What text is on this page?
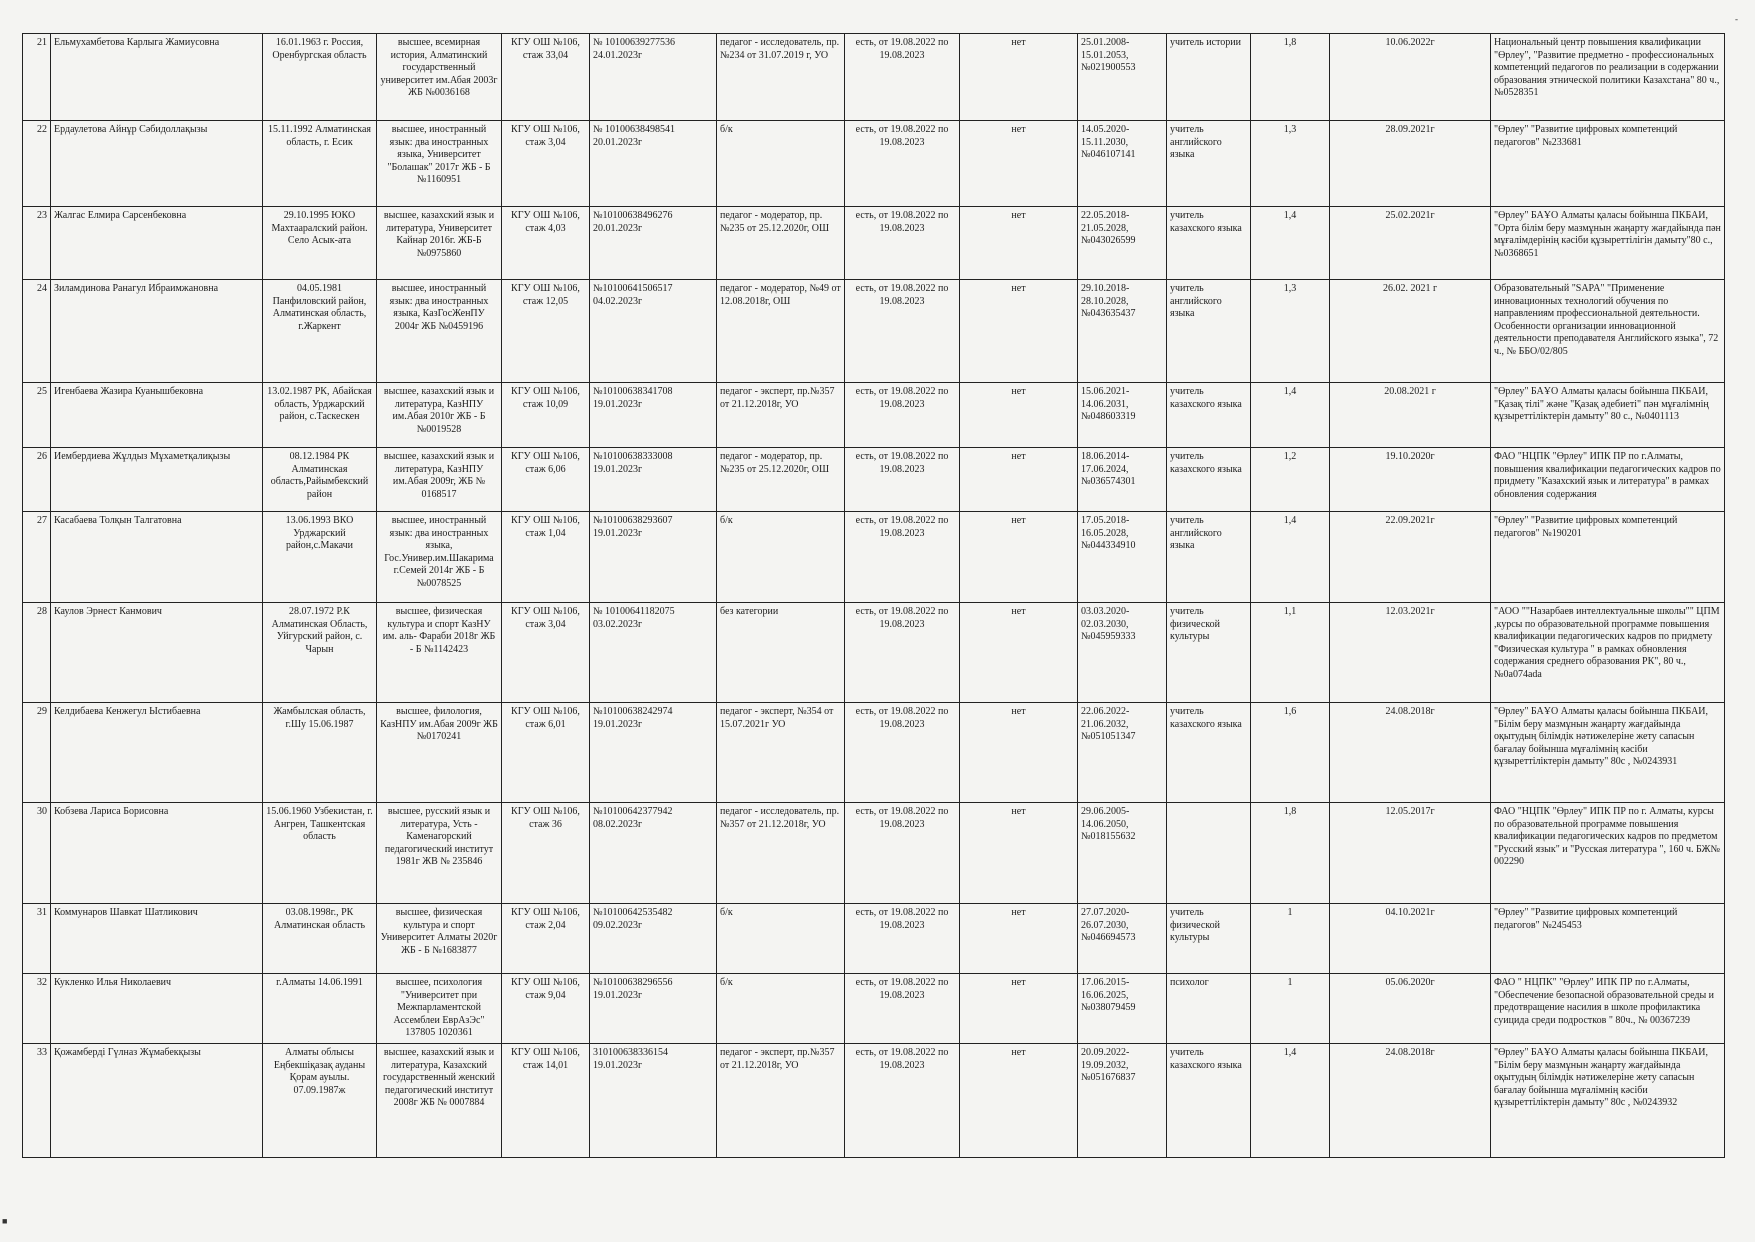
-
■
21	Ельмухамбетова Карлыга Жамиусовна	16.01.1963 г. Россия, Оренбургская область	высшее, всемирная история, Алматинский государственный университет им.Абая 2003г ЖБ №0036168	КГУ ОШ №106, стаж 33,04	№ 10100639277536 24.01.2023г	педагог - исследователь, пр.№234 от 31.07.2019 г, УО	есть, от 19.08.2022 по 19.08.2023	нет	25.01.2008-15.01.2053, №021900553	учитель истории	1,8	10.06.2022г	Национальный центр повышения квалификации "Өрлеу", "Развитие предметно - профессиональных компетенций педагогов по реализации в содержании образования этнической политики Казахстана" 80 ч., №0528351
22	Ердаулетова Айнұр Сәбидоллақызы	15.11.1992 Алматинская область, г. Есик	высшее, иностранный язык: два иностранных языка, Университет "Болашак" 2017г ЖБ - Б №1160951	КГУ ОШ №106, стаж 3,04	№ 10100638498541 20.01.2023г	б/к	есть, от 19.08.2022 по 19.08.2023	нет	14.05.2020-15.11.2030, №046107141	учитель английского языка	1,3	28.09.2021г	"Өрлеу" "Развитие цифровых компетенций педагогов" №233681
23	Жалгас Елмира Сарсенбековна	29.10.1995 ЮКО Махтааралский район. Село Асык-ата	высшее, казахский язык и литература, Университет Кайнар 2016г. ЖБ-Б №0975860	КГУ ОШ №106, стаж 4,03	№10100638496276 20.01.2023г	педагог - модератор, пр. №235 от 25.12.2020г, ОШ	есть, от 19.08.2022 по 19.08.2023	нет	22.05.2018-21.05.2028, №043026599	учитель казахского языка	1,4	25.02.2021г	"Өрлеу" БАҰО Алматы қаласы бойынша ПКБАИ, "Орта білім беру мазмұнын жаңарту жағдайында пән мұғалімдерінің кәсіби құзыреттілігін дамыту"80 с., №0368651
24	Зиламдинова Ранагул Ибраимжановна	04.05.1981 Панфиловский район, Алматинская область, г.Жаркент	высшее, иностранный язык: два иностранных языка, КазГосЖенПУ 2004г ЖБ №0459196	КГУ ОШ №106, стаж 12,05	№10100641506517 04.02.2023г	педагог - модератор, №49 от 12.08.2018г, ОШ	есть, от 19.08.2022 по 19.08.2023	нет	29.10.2018-28.10.2028, №043635437	учитель английского языка	1,3	26.02. 2021 г	Образовательный "SAPA" "Применение инновационных технологий обучения по направлениям профессиональной деятельности. Особенности организации инновационной деятельности преподавателя Английского языка", 72 ч., № ББО/02/805
25	Игенбаева Жазира Куанышбековна	13.02.1987 РК, Абайская область, Урджарский район, с.Таскескен	высшее, казахский язык и литература, КазНПУ им.Абая 2010г ЖБ - Б №0019528	КГУ ОШ №106, стаж 10,09	№10100638341708 19.01.2023г	педагог - эксперт, пр.№357 от 21.12.2018г, УО	есть, от 19.08.2022 по 19.08.2023	нет	15.06.2021-14.06.2031, №048603319	учитель казахского языка	1,4	20.08.2021 г	"Өрлеу" БАҰО Алматы қаласы бойынша ПКБАИ, "Қазақ тілі" және "Қазақ әдебиеті" пән мұғалімнің құзыреттіліктерін дамыту" 80 с., №0401113
26	Иембердиева Жұлдыз Мұхаметқалиқызы	08.12.1984 РК Алматинская область,Райымбекский район	высшее, казахский язык и литература, КазНПУ им.Абая 2009г, ЖБ № 0168517	КГУ ОШ №106, стаж 6,06	№10100638333008 19.01.2023г	педагог - модератор, пр. №235 от 25.12.2020г, ОШ	есть, от 19.08.2022 по 19.08.2023	нет	18.06.2014-17.06.2024, №036574301	учитель казахского языка	1,2	19.10.2020г	ФАО "НЦПК "Өрлеу" ИПК ПР по г.Алматы, повышения квалификации педагогических кадров по придмету "Казахский язык и литература" в рамках обновления содержания
27	Касабаева Толқын Талгатовна	13.06.1993 ВКО Урджарский район,с.Макачи	высшее, иностранный язык: два иностранных языка, Гос.Универ.им.Шакарима г.Семей 2014г ЖБ - Б №0078525	КГУ ОШ №106, стаж 1,04	№10100638293607 19.01.2023г	б/к	есть, от 19.08.2022 по 19.08.2023	нет	17.05.2018-16.05.2028, №044334910	учитель английского языка	1,4	22.09.2021г	"Өрлеу" "Развитие цифровых компетенций педагогов" №190201
28	Каулов Эрнест Канмович	28.07.1972 Р.К Алматинская Область, Уйгурский район, с. Чарын	высшее, физическая культура и спорт КазНУ им. аль- Фараби 2018г ЖБ - Б №1142423	КГУ ОШ №106, стаж 3,04	№ 10100641182075 03.02.2023г	без категории	есть, от 19.08.2022 по 19.08.2023	нет	03.03.2020-02.03.2030, №045959333	учитель физической культуры	1,1	12.03.2021г	"АОО ""Назарбаев интеллектуальные школы"" ЦПМ ,курсы по образовательной программе повышения квалификации педагогических кадров по придмету "Физическая культура " в рамках обновления содержания среднего образования РК", 80 ч., №0a074ada
29	Келдибаева Кенжегул Ыстибаевна	Жамбылская область, г.Шу 15.06.1987	высшее, филология, КазНПУ им.Абая 2009г ЖБ №0170241	КГУ ОШ №106, стаж 6,01	№10100638242974 19.01.2023г	педагог - эксперт, №354 от 15.07.2021г УО	есть, от 19.08.2022 по 19.08.2023	нет	22.06.2022-21.06.2032, №051051347	учитель казахского языка	1,6	24.08.2018г	"Өрлеу" БАҰО Алматы қаласы бойынша ПКБАИ, "Білім беру мазмұнын жаңарту жағдайында оқытудың білімдік нәтижелеріне жету сапасын бағалау бойынша мұғалімнің кәсіби құзыреттіліктерін дамыту" 80с , №0243931
30	Кобзева Лариса Борисовна	15.06.1960 Узбекистан, г. Ангрен, Ташкентская область	высшее, русский язык и литература, Усть - Каменагорский педагогический институт 1981г ЖВ № 235846	КГУ ОШ №106, стаж 36	№10100642377942 08.02.2023г	педагог - исследователь, пр.№357 от 21.12.2018г, УО	есть, от 19.08.2022 по 19.08.2023	нет	29.06.2005-14.06.2050, №018155632		1,8	12.05.2017г	ФАО "НЦПК "Өрлеу" ИПК ПР по г. Алматы, курсы по образовательной программе повышения квалификации педагогических кадров по предметом "Русский язык" и "Русская литература ", 160 ч. БЖ№ 002290
31	Коммунаров Шавкат Шатликович	03.08.1998г., РК Алматинская область	высшее, физическая культура и спорт Университет Алматы 2020г ЖБ - Б №1683877	КГУ ОШ №106, стаж 2,04	№10100642535482 09.02.2023г	б/к	есть, от 19.08.2022 по 19.08.2023	нет	27.07.2020-26.07.2030, №046694573	учитель физической культуры	1	04.10.2021г	"Өрлеу" "Развитие цифровых компетенций педагогов" №245453
32	Кукленко Илья Николаевич	г.Алматы 14.06.1991	высшее, психология "Университет при Межпарламентской Ассемблеи ЕврАзЭс" 137805 1020361	КГУ ОШ №106, стаж 9,04	№10100638296556 19.01.2023г	б/к	есть, от 19.08.2022 по 19.08.2023	нет	17.06.2015-16.06.2025, №038079459	психолог	1	05.06.2020г	ФАО " НЦПК" "Өрлеу" ИПК ПР по г.Алматы, "Обеспечение безопасной образовательной среды и предотвращение насилия в школе профилактика суицида среди подростков " 80ч., № 00367239
33	Қожамберді Гүлназ Жұмабекқызы	Алматы облысы Еңбекшіқазақ ауданы Қорам ауылы. 07.09.1987ж	высшее, казахский язык и литература, Казахский государственный женский педагогический институт 2008г ЖБ № 0007884	КГУ ОШ №106, стаж 14,01	310100638336154 19.01.2023г	педагог - эксперт, пр.№357 от 21.12.2018г, УО	есть, от 19.08.2022 по 19.08.2023	нет	20.09.2022-19.09.2032, №051676837	учитель казахского языка	1,4	24.08.2018г	"Өрлеу" БАҰО Алматы қаласы бойынша ПКБАИ, "Білім беру мазмұнын жаңарту жағдайында оқытудың білімдік нәтижелеріне жету сапасын бағалау бойынша мұғалімнің кәсіби құзыреттіліктерін дамыту" 80с , №0243932
